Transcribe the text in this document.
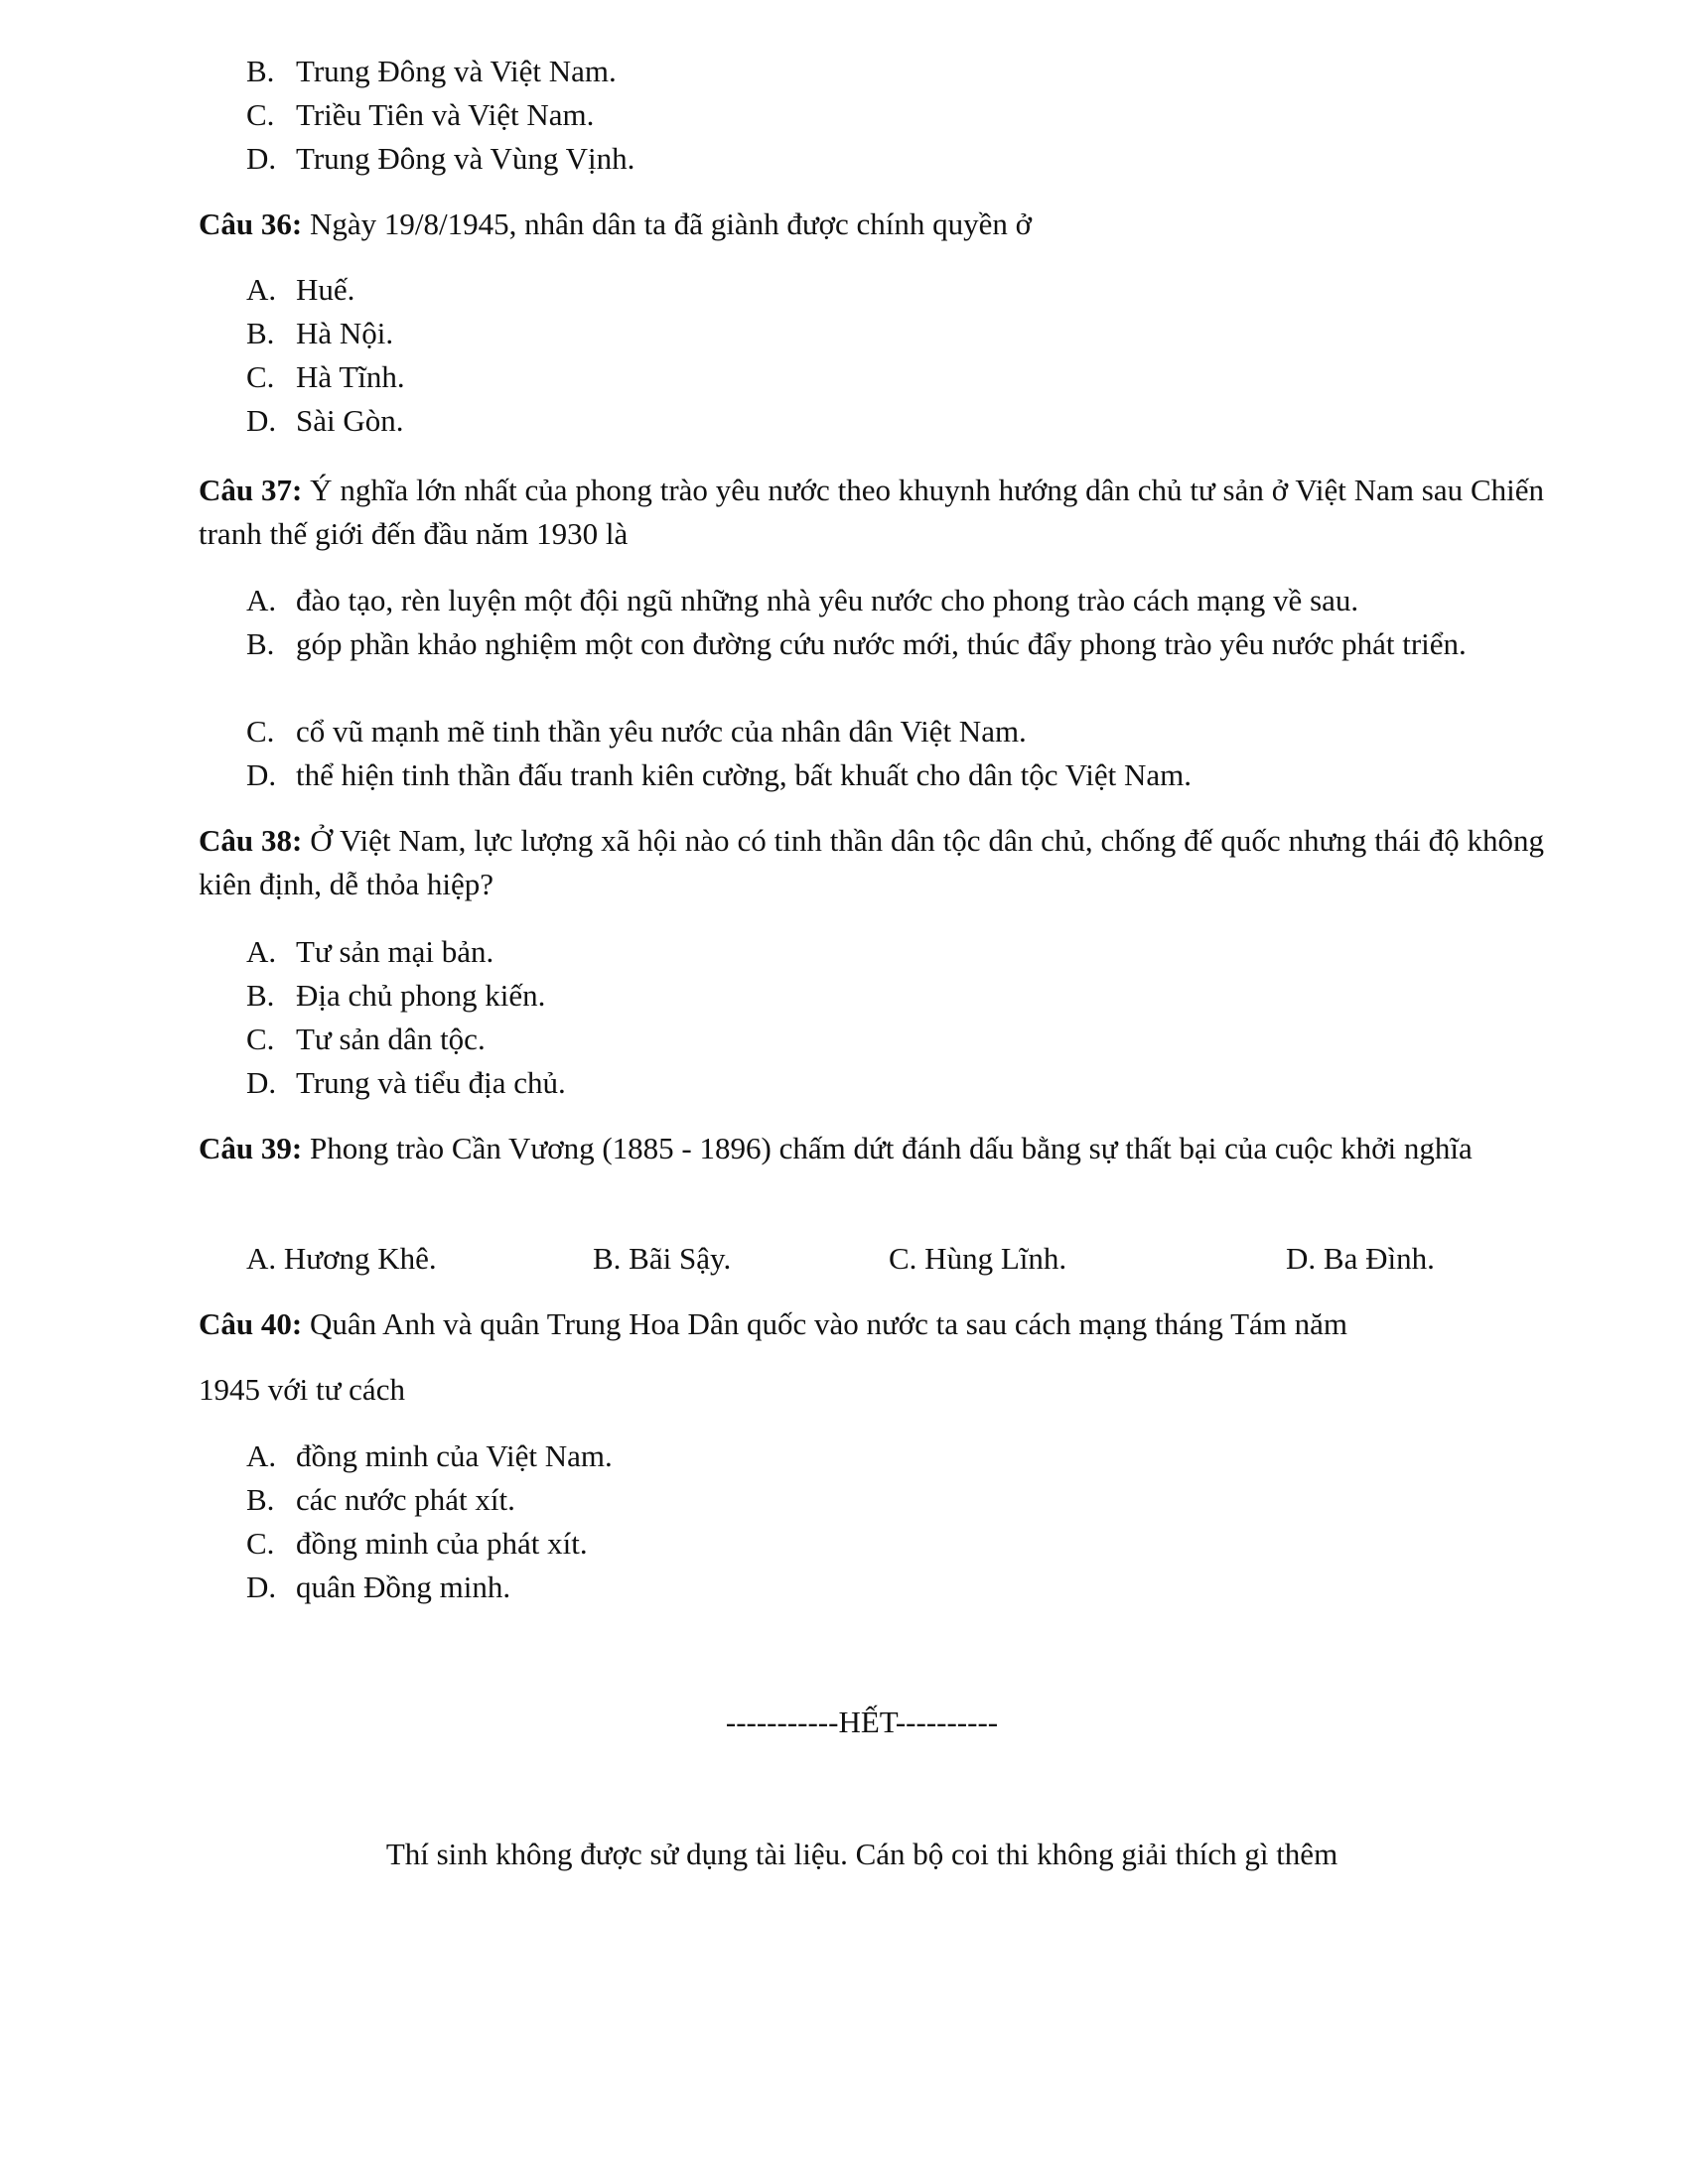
B. Trung Đông và Việt Nam.
C. Triều Tiên và Việt Nam.
D. Trung Đông và Vùng Vịnh.
Câu 36: Ngày 19/8/1945, nhân dân ta đã giành được chính quyền ở
A. Huế.
B. Hà Nội.
C. Hà Tĩnh.
D. Sài Gòn.
Câu 37: Ý nghĩa lớn nhất của phong trào yêu nước theo khuynh hướng dân chủ tư sản ở Việt Nam sau Chiến tranh thế giới đến đầu năm 1930 là
A. đào tạo, rèn luyện một đội ngũ những nhà yêu nước cho phong trào cách mạng về sau.
B. góp phần khảo nghiệm một con đường cứu nước mới, thúc đẩy phong trào yêu nước phát triển.
C. cổ vũ mạnh mẽ tinh thần yêu nước của nhân dân Việt Nam.
D. thể hiện tinh thần đấu tranh kiên cường, bất khuất cho dân tộc Việt Nam.
Câu 38: Ở Việt Nam, lực lượng xã hội nào có tinh thần dân tộc dân chủ, chống đế quốc nhưng thái độ không kiên định, dễ thỏa hiệp?
A. Tư sản mại bản.
B. Địa chủ phong kiến.
C. Tư sản dân tộc.
D. Trung và tiểu địa chủ.
Câu 39: Phong trào Cần Vương (1885 - 1896) chấm dứt đánh dấu bằng sự thất bại của cuộc khởi nghĩa
A. Hương Khê.	B. Bãi Sậy.	C. Hùng Lĩnh.	D. Ba Đình.
Câu 40: Quân Anh và quân Trung Hoa Dân quốc vào nước ta sau cách mạng tháng Tám năm
1945 với tư cách
A. đồng minh của Việt Nam.
B. các nước phát xít.
C. đồng minh của phát xít.
D. quân Đồng minh.
-----------HẾT----------
Thí sinh không được sử dụng tài liệu. Cán bộ coi thi không giải thích gì thêm
